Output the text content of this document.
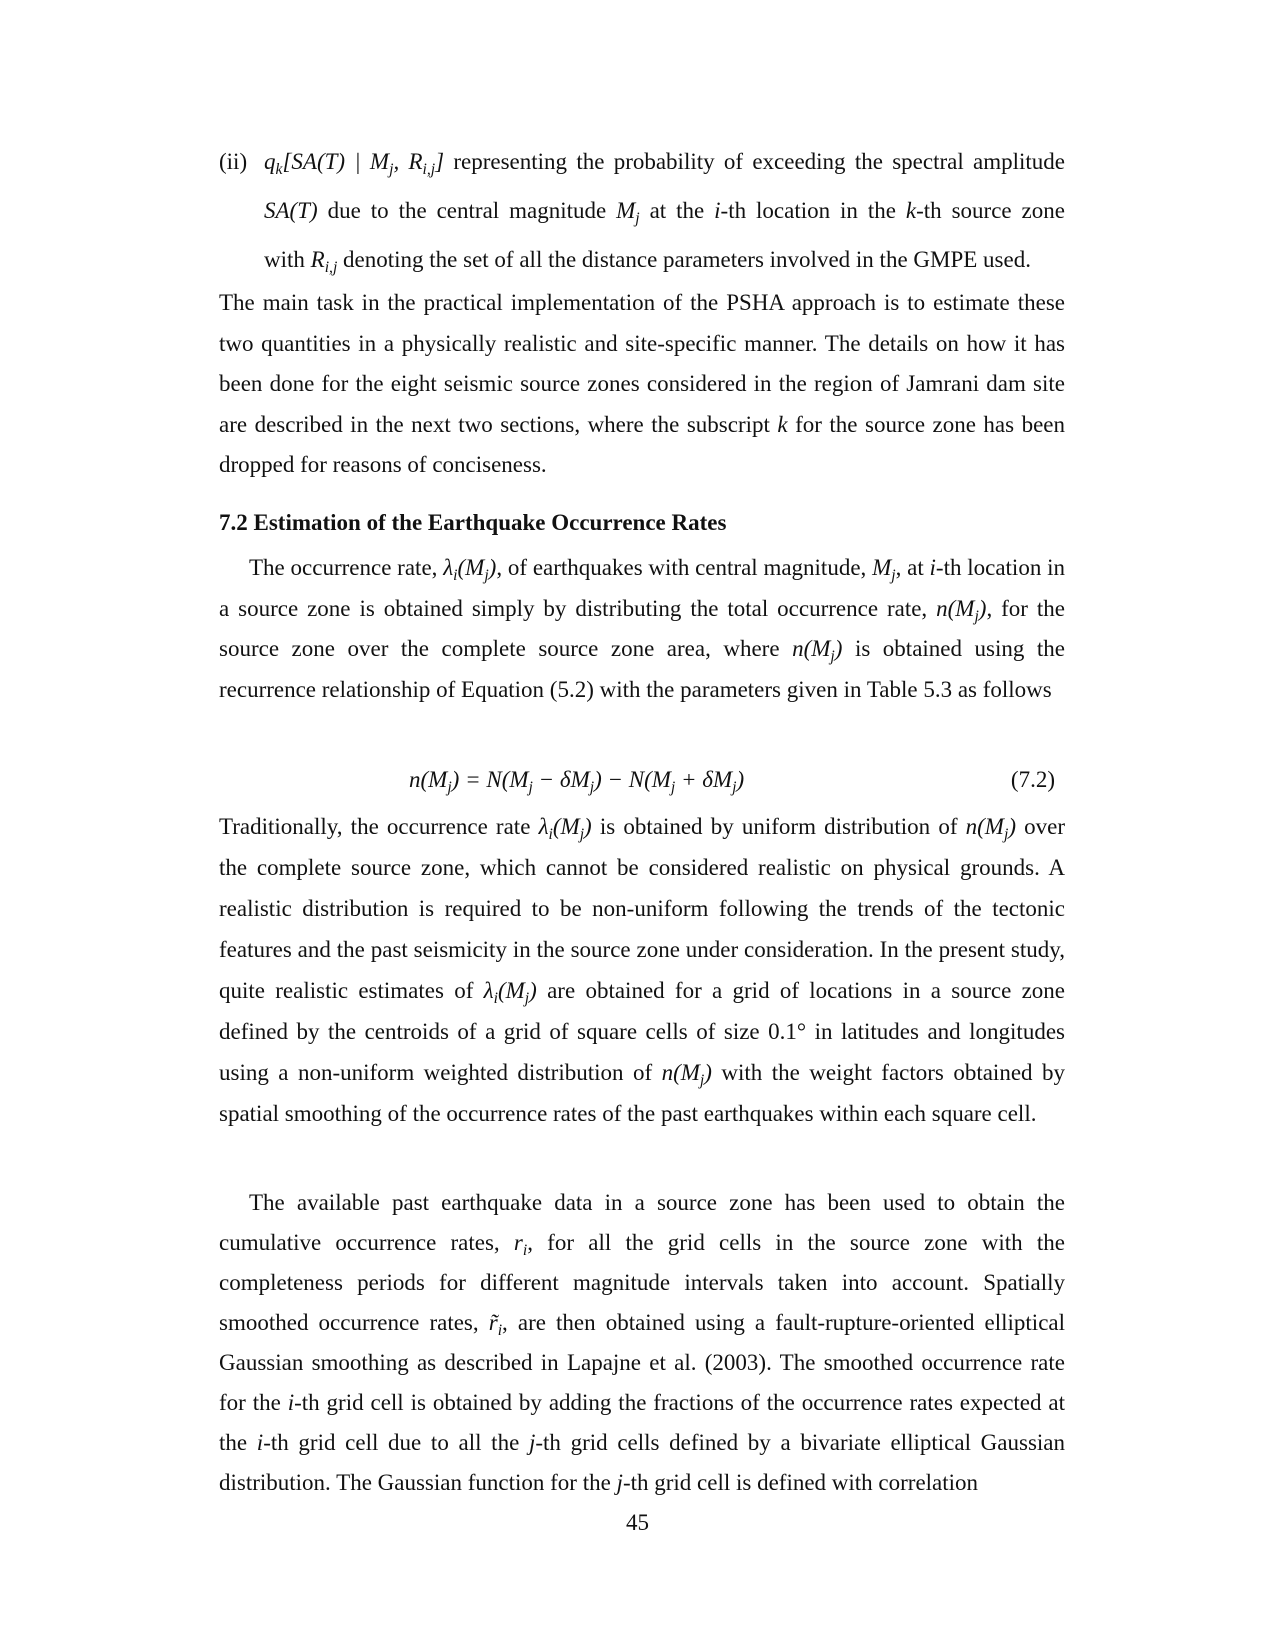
(ii) $q_k[SA(T)$ | $M_j$, $R_{i,j}$] representing the probability of exceeding the spectral amplitude SA(T) due to the central magnitude $M_j$ at the i-th location in the k-th source zone
with $R_{i,j}$ denoting the set of all the distance parameters involved in the GMPE used.

The main task in the practical implementation of the PSHA approach is to estimate these two quantities in a physically realistic and site-specific manner. The details on how it has been done for the eight seismic source zones considered in the region of Jamrani dam site are described in the next two sections, where the subscript k for the source zone has been dropped for reasons of conciseness.

7.2 Estimation of the Earthquake Occurrence Rates

The occurrence rate, $\lambda_i(M_j)$, of earthquakes with central magnitude, $M_j$, at i-th location in a source zone is obtained simply by distributing the total occurrence rate, $n(M_j)$, for the source zone over the complete source zone area, where $n(M_j)$ is obtained using the recurrence relationship of Equation (5.2) with the parameters given in Table 5.3 as follows

$n(M_j) = N(M_j - \delta M_j) - N(M_j + \delta M_j)$	(7.2)

Traditionally, the occurrence rate $\lambda_i(M_j)$ is obtained by uniform distribution of $n(M_j)$ over the complete source zone, which cannot be considered realistic on physical grounds. A realistic distribution is required to be non-uniform following the trends of the tectonic features and the past seismicity in the source zone under consideration. In the present study, quite realistic estimates of $\lambda_i(M_j)$ are obtained for a grid of locations in a source zone defined by the centroids of a grid of square cells of size 0.1° in latitudes and longitudes using a non-uniform weighted distribution of $n(M_j)$ with the weight factors obtained by spatial smoothing of the occurrence rates of the past earthquakes within each square cell.

The available past earthquake data in a source zone has been used to obtain the cumulative occurrence rates, $r_i$, for all the grid cells in the source zone with the completeness periods for different magnitude intervals taken into account. Spatially smoothed occurrence rates, $r̃_i$, are then obtained using a fault-rupture-oriented elliptical Gaussian smoothing as described in Lapajne et al. (2003). The smoothed occurrence rate for the i-th grid cell is obtained by adding the fractions of the occurrence rates expected at the i-th grid cell due to all the j-th grid cells defined by a bivariate elliptical Gaussian distribution. The Gaussian function for the j-th grid cell is defined with correlation

45
